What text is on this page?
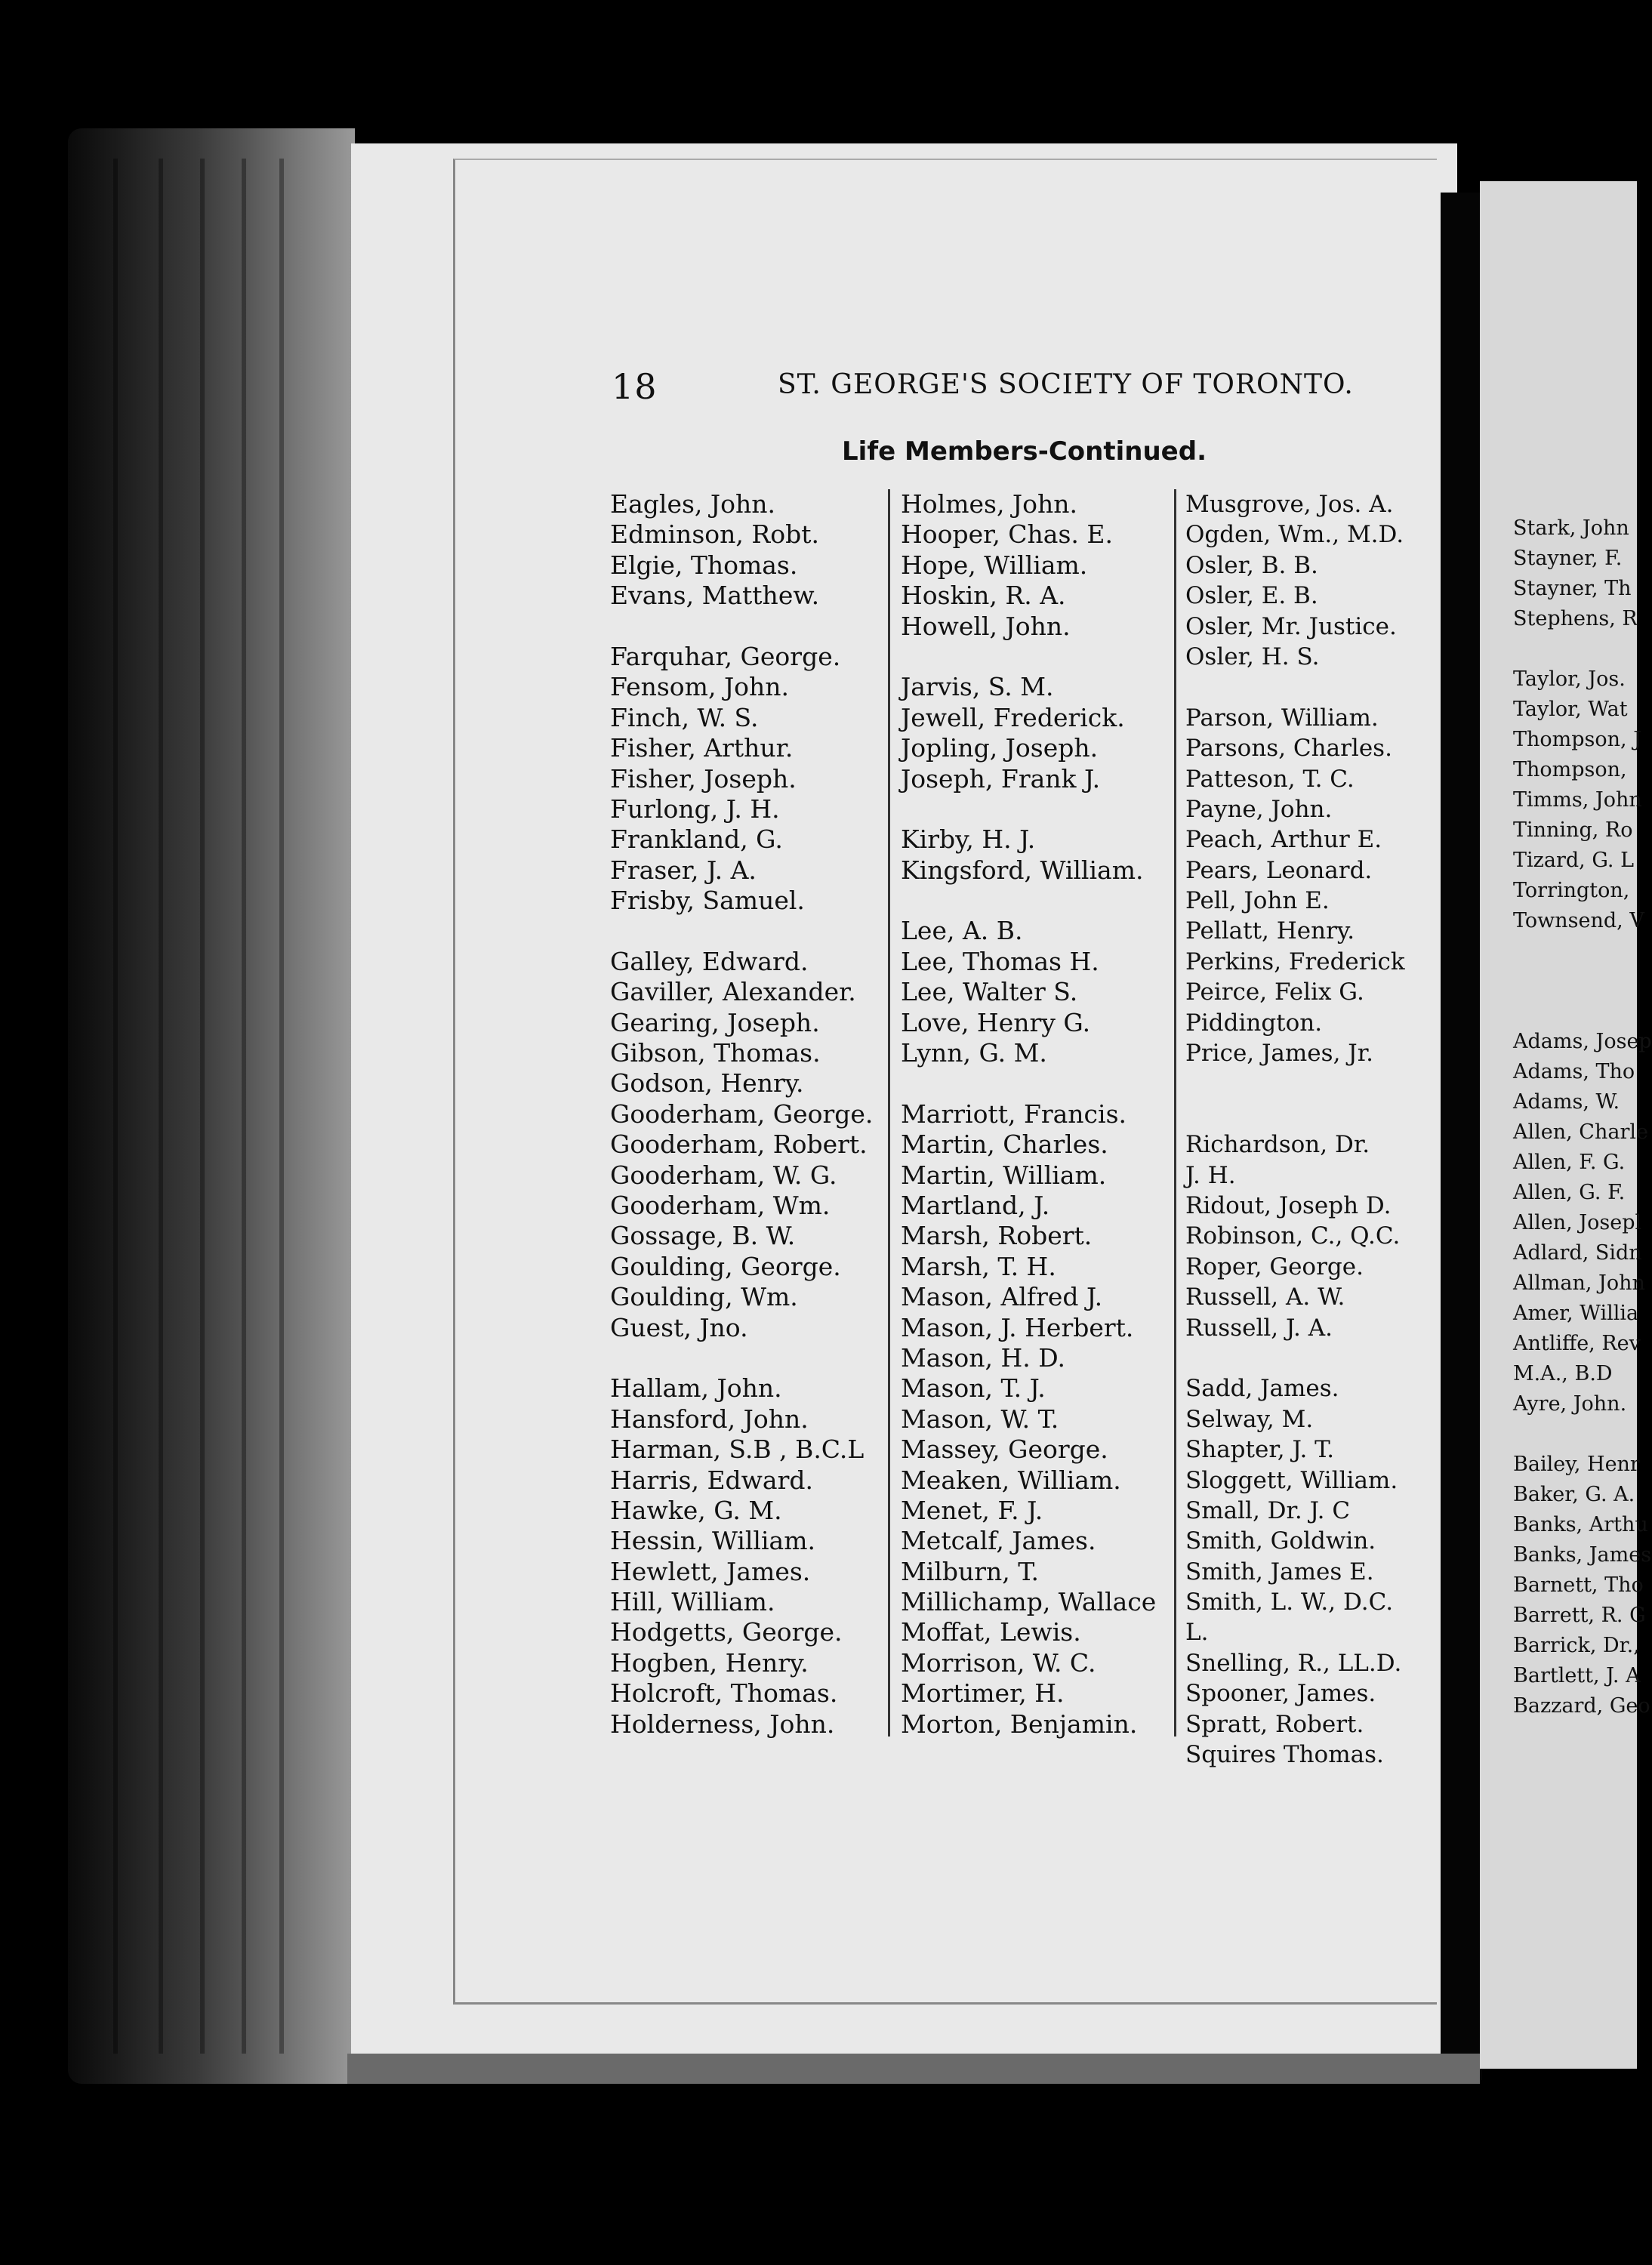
18	ST. GEORGE'S SOCIETY OF TORONTO.
Life Members-Continued.
Eagles, John.
Edminson, Robt.
Elgie, Thomas.
Evans, Matthew.
Farquhar, George.
Fensom, John.
Finch, W. S.
Fisher, Arthur.
Fisher, Joseph.
Furlong, J. H.
Frankland, G.
Fraser, J. A.
Frisby, Samuel.
Galley, Edward.
Gaviller, Alexander.
Gearing, Joseph.
Gibson, Thomas.
Godson, Henry.
Gooderham, George.
Gooderham, Robert.
Gooderham, W. G.
Gooderham, Wm.
Gossage, B. W.
Goulding, George.
Goulding, Wm.
Guest, Jno.
Hallam, John.
Hansford, John.
Harman, S.B , B.C.L
Harris, Edward.
Hawke, G. M.
Hessin, William.
Hewlett, James.
Hill, William.
Hodgetts, George.
Hogben, Henry.
Holcroft, Thomas.
Holderness, John.
Holmes, John.
Hooper, Chas. E.
Hope, William.
Hoskin, R. A.
Howell, John.
Jarvis, S. M.
Jewell, Frederick.
Jopling, Joseph.
Joseph, Frank J.
Kirby, H. J.
Kingsford, William.
Lee, A. B.
Lee, Thomas H.
Lee, Walter S.
Love, Henry G.
Lynn, G. M.
Marriott, Francis.
Martin, Charles.
Martin, William.
Martland, J.
Marsh, Robert.
Marsh, T. H.
Mason, Alfred J.
Mason, J. Herbert.
Mason, H. D.
Mason, T. J.
Mason, W. T.
Massey, George.
Meaken, William.
Menet, F. J.
Metcalf, James.
Milburn, T.
Millichamp, Wallace
Moffat, Lewis.
Morrison, W. C.
Mortimer, H.
Morton, Benjamin.
Musgrove, Jos. A.
Ogden, Wm., M.D.
Osler, B. B.
Osler, E. B.
Osler, Mr. Justice.
Osler, H. S.
Parson, William.
Parsons, Charles.
Patteson, T. C.
Payne, John.
Peach, Arthur E.
Pears, Leonard.
Pell, John E.
Pellatt, Henry.
Perkins, Frederick
Peirce, Felix G.
Piddington.
Price, James, Jr.
Richardson, Dr.
J. H.
Ridout, Joseph D.
Robinson, C., Q.C.
Roper, George.
Russell, A. W.
Russell, J. A.
Sadd, James.
Selway, M.
Shapter, J. T.
Sloggett, William.
Small, Dr. J. C
Smith, Goldwin.
Smith, James E.
Smith, L. W., D.C.
L.
Snelling, R., LL.D.
Spooner, James.
Spratt, Robert.
Squires Thomas.
Stark, John
Stayner, F.
Stayner, Th
Stephens, R
Taylor, Jos.
Taylor, Wat
Thompson, J
Thompson,
Timms, John
Tinning, Ro
Tizard, G. L
Torrington,
Townsend, V
Adams, Josep
Adams, Tho
Adams, W.
Allen, Charle
Allen, F. G.
Allen, G. F.
Allen, Josepl
Adlard, Sidn
Allman, John
Amer, Willia
Antliffe, Rev
M.A., B.D
Ayre, John.
Bailey, Henr
Baker, G. A.
Banks, Arthu
Banks, James
Barnett, Tho
Barrett, R. G
Barrick, Dr.,
Bartlett, J. A
Bazzard, Geo
